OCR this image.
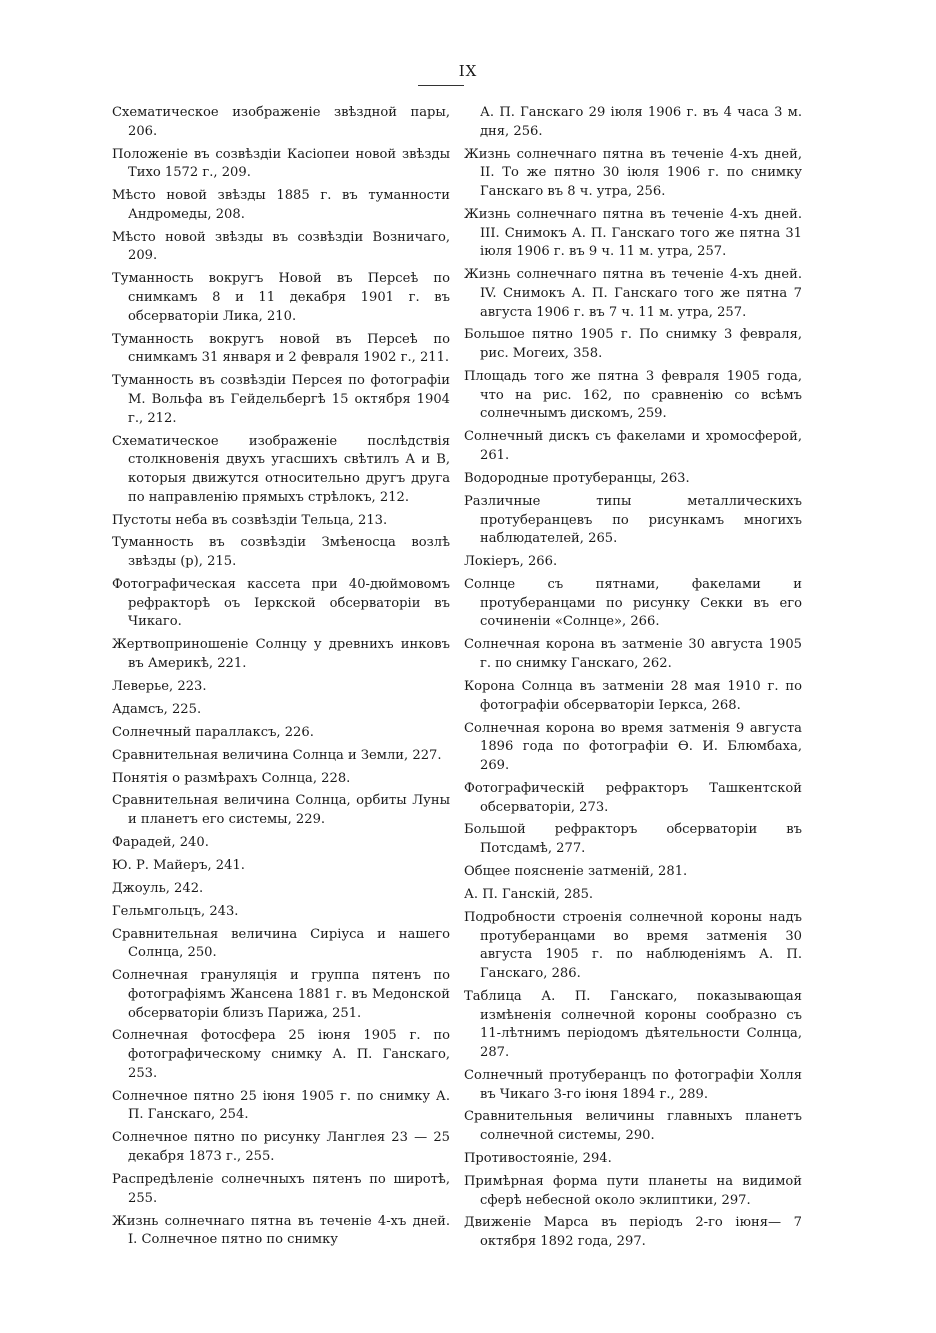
IX

Схематическое изображеніе звѣздной пары, 206.

Положеніе въ созвѣздіи Касіопеи новой звѣзды Тихо 1572 г., 209.

Мѣсто новой звѣзды 1885 г. въ туманности Андромеды, 208.

Мѣсто новой звѣзды въ созвѣздіи Возничаго, 209.

Туманность вокругъ Новой въ Персеѣ по снимкамъ 8 и 11 декабря 1901 г. въ обсерваторіи Лика, 210.

Туманность вокругъ новой въ Персеѣ по снимкамъ 31 января и 2 февраля 1902 г., 211.

Туманность въ созвѣздіи Персея по фотографіи М. Вольфа въ Гейдельбергѣ 15 октября 1904 г., 212.

Схематическое изображеніе послѣдствія столкновенія двухъ угасшихъ свѣтилъ A и B, которыя движутся относительно другъ друга по направленію прямыхъ стрѣлокъ, 212.

Пустоты неба въ созвѣздіи Тельца, 213.

Туманность въ созвѣздіи Змѣеносца возлѣ звѣзды (p), 215.

Фотографическая кассета при 40-дюймовомъ рефракторѣ оъ Іеркской обсерваторіи въ Чикаго.

Жертвоприношеніе Солнцу у древнихъ инковъ въ Америкѣ, 221.

Леверье, 223.

Адамсъ, 225.

Солнечный параллаксъ, 226.

Сравнительная величина Солнца и Земли, 227.

Понятія о размѣрахъ Солнца, 228.

Сравнительная величина Солнца, орбиты Луны и планетъ его системы, 229.

Фарадей, 240.

Ю. Р. Майеръ, 241.

Джоуль, 242.

Гельмгольцъ, 243.

Сравнительная величина Сиріуса и нашего Солнца, 250.

Солнечная грануляція и группа пятенъ по фотографіямъ Жансена 1881 г. въ Медонской обсерваторіи близъ Парижа, 251.

Солнечная фотосфера 25 іюня 1905 г. по фотографическому снимку А. П. Ганскаго, 253.

Солнечное пятно 25 іюня 1905 г. по снимку А. П. Ганскаго, 254.

Солнечное пятно по рисунку Ланглея 23 — 25 декабря 1873 г., 255.

Распредѣленіе солнечныхъ пятенъ по широтѣ, 255.

Жизнь солнечнаго пятна въ теченіе 4-хъ дней. І. Солнечное пятно по снимку

А. П. Ганскаго 29 іюля 1906 г. въ 4 часа 3 м. дня, 256.

Жизнь солнечнаго пятна въ теченіе 4-хъ дней, II. То же пятно 30 іюля 1906 г. по снимку Ганскаго въ 8 ч. утра, 256.

Жизнь солнечнаго пятна въ теченіе 4-хъ дней. III. Снимокъ А. П. Ганскаго того же пятна 31 іюля 1906 г. въ 9 ч. 11 м. утра, 257.

Жизнь солнечнаго пятна въ теченіе 4-хъ дней. IV. Снимокъ А. П. Ганскаго того же пятна 7 августа 1906 г. въ 7 ч. 11 м. утра, 257.

Большое пятно 1905 г. По снимку 3 февраля, рис. Могеих, 358.

Площадь того же пятна 3 февраля 1905 года, что на рис. 162, по сравненію со всѣмъ солнечнымъ дискомъ, 259.

Солнечный дискъ съ факелами и хромосферой, 261.

Водородные протуберанцы, 263.

Различные типы металлическихъ протуберанцевъ по рисункамъ многихъ наблюдателей, 265.

Локіеръ, 266.

Солнце съ пятнами, факелами и протуберанцами по рисунку Секки въ его сочиненіи «Солнце», 266.

Солнечная корона въ затменіе 30 августа 1905 г. по снимку Ганскаго, 262.

Корона Солнца въ затменіи 28 мая 1910 г. по фотографіи обсерваторіи Іеркса, 268.

Солнечная корона во время затменія 9 августа 1896 года по фотографіи Ѳ. И. Блюмбаха, 269.

Фотографическій рефракторъ Ташкентской обсерваторіи, 273.

Большой рефракторъ обсерваторіи въ Потсдамѣ, 277.

Общее поясненіе затменій, 281.

А. П. Ганскій, 285.

Подробности строенія солнечной короны надъ протуберанцами во время затменія 30 августа 1905 г. по наблюденіямъ А. П. Ганскаго, 286.

Таблица А. П. Ганскаго, показывающая измѣненія солнечной короны сообразно съ 11-лѣтнимъ періодомъ дѣятельности Солнца, 287.

Солнечный протуберанцъ по фотографіи Холля въ Чикаго 3-го іюня 1894 г., 289.

Сравнительныя величины главныхъ планетъ солнечной системы, 290.

Противостояніе, 294.

Примѣрная форма пути планеты на видимой сферѣ небесной около эклиптики, 297.

Движеніе Марса въ періодъ 2-го іюня— 7 октября 1892 года, 297.
